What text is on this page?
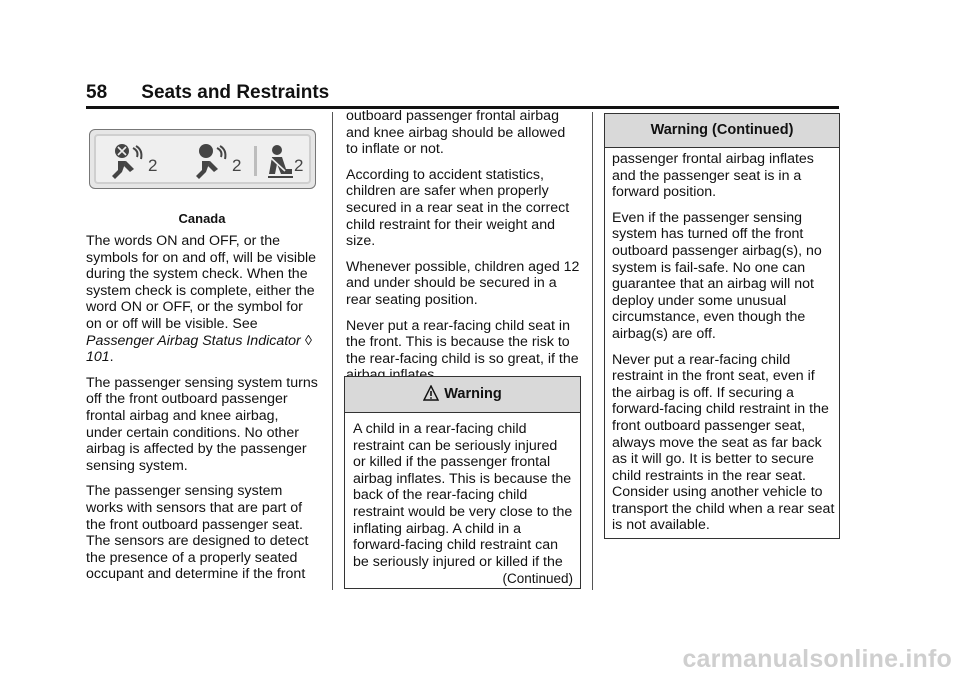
58 Seats and Restraints
2	2	2
Canada

The words ON and OFF, or the symbols for on and off, will be visible during the system check. When the system check is complete, either the word ON or OFF, or the symbol for on or off will be visible. See Passenger Airbag Status Indicator ◊ 101.

The passenger sensing system turns off the front outboard passenger frontal airbag and knee airbag, under certain conditions. No other airbag is affected by the passenger sensing system.

The passenger sensing system works with sensors that are part of the front outboard passenger seat. The sensors are designed to detect the presence of a properly seated occupant and determine if the front

outboard passenger frontal airbag and knee airbag should be allowed to inflate or not.

According to accident statistics, children are safer when properly secured in a rear seat in the correct child restraint for their weight and size.

Whenever possible, children aged 12 and under should be secured in a rear seating position.

Never put a rear-facing child seat in the front. This is because the risk to the rear-facing child is so great, if the

Warning

A child in a rear-facing child restraint can be seriously injured or killed if the passenger frontal airbag inflates. This is because the back of the rear-facing child restraint would be very close to the inflating airbag. A child in a forward-facing child restraint can be seriously injured or killed if the

(Continued)
Warning (Continued)

passenger frontal airbag inflates and the passenger seat is in a forward position.

Even if the passenger sensing system has turned off the front outboard passenger airbag(s), no system is fail-safe. No one can guarantee that an airbag will not deploy under some unusual circumstance, even though the airbag(s) are off.

Never put a rear-facing child restraint in the front seat, even if the airbag is off. If securing a forward-facing child restraint in the front outboard passenger seat, always move the seat as far back as it will go. It is better to secure child restraints in the rear seat. Consider using another vehicle to transport the child when a rear seat is not available.

carmanualsonline.info
